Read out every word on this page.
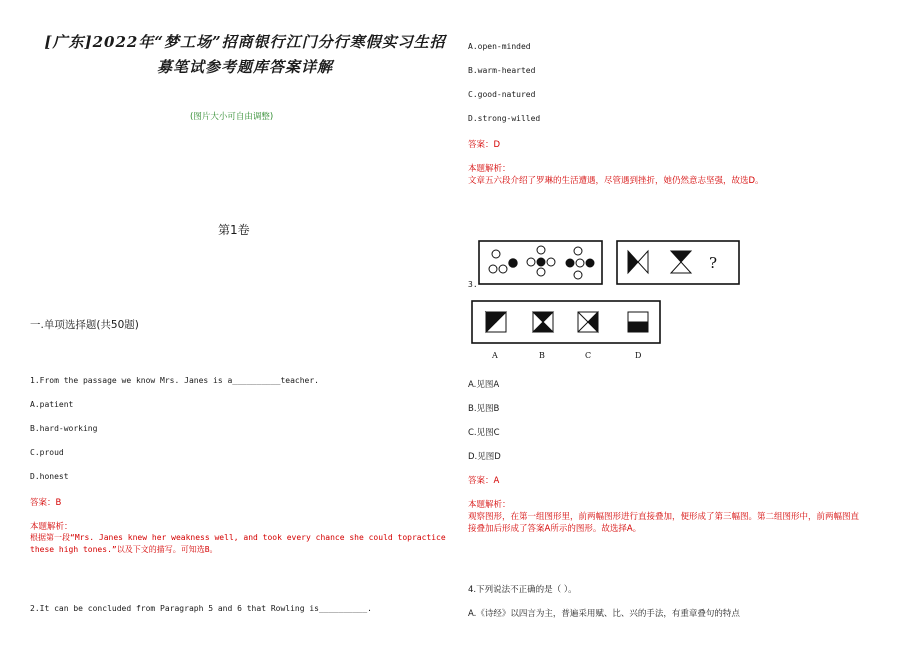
[广东]2022年“梦工场”招商银行江门分行寒假实习生招
募笔试参考题库答案详解
(图片大小可自由调整)
第1卷
一.单项选择题(共50题)
1.From the passage we know Mrs. Janes is a__________teacher.
A.patient
B.hard-working
C.proud
D.honest
答案：B
本题解析：
根据第一段“Mrs. Janes knew her weakness well, and took every chance she could topractice
these high tones.”以及下文的描写。可知选B。
2.It can be concluded from Paragraph 5 and 6 that Rowling is__________.
A.open-minded
B.warm-hearted
C.good-natured
D.strong-willed
答案：D
本题解析：
文章五六段介绍了罗琳的生活遭遇，尽管遇到挫折，她仍然意志坚强，故选D。
3.
?
A	B	C	D
A.见图A
B.见图B
C.见图C
D.见图D
答案：A
本题解析：
观察图形，在第一组图形里，前两幅图形进行直接叠加，便形成了第三幅图。第二组图形中，前两幅图直
接叠加后形成了答案A所示的图形。故选择A。
4.下列说法不正确的是（ ）。
A.《诗经》以四言为主，普遍采用赋、比、兴的手法，有重章叠句的特点
